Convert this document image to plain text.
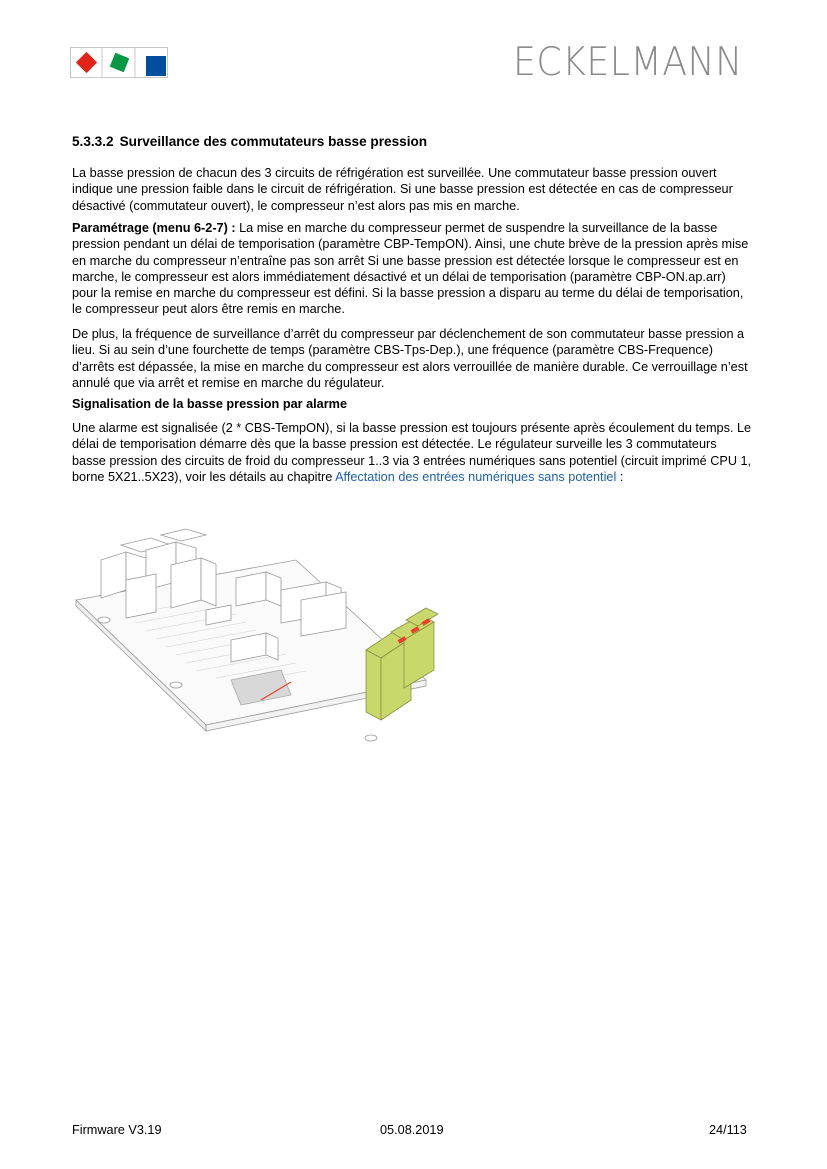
ECKELMANN
5.3.3.2 Surveillance des commutateurs basse pression

La basse pression de chacun des 3 circuits de réfrigération est surveillée. Une commutateur basse pression ouvert indique une pression faible dans le circuit de réfrigération. Si une basse pression est détectée en cas de compresseur désactivé (commutateur ouvert), le compresseur n’est alors pas mis en marche.

Paramétrage (menu 6-2-7) : La mise en marche du compresseur permet de suspendre la surveillance de la basse pression pendant un délai de temporisation (paramètre CBP-TempON). Ainsi, une chute brève de la pression après mise en marche du compresseur n’entraîne pas son arrêt Si une basse pression est détectée lorsque le compresseur est en marche, le compresseur est alors immédiatement désactivé et un délai de temporisation (paramètre CBP-ON.ap.arr) pour la remise en marche du compresseur est défini. Si la basse pression a disparu au terme du délai de temporisation, le compresseur peut alors être remis en marche.

De plus, la fréquence de surveillance d’arrêt du compresseur par déclenchement de son commutateur basse pression a lieu. Si au sein d’une fourchette de temps (paramètre CBS-Tps-Dep.), une fréquence (paramètre CBS-Frequence) d’arrêts est dépassée, la mise en marche du compresseur est alors verrouillée de manière durable. Ce verrouillage n’est annulé que via arrêt et remise en marche du régulateur.

Signalisation de la basse pression par alarme

Une alarme est signalisée (2 * CBS-TempON), si la basse pression est toujours présente après écoulement du temps. Le délai de temporisation démarre dès que la basse pression est détectée. Le régulateur surveille les 3 commutateurs basse pression des circuits de froid du compresseur 1..3 via 3 entrées numériques sans potentiel (circuit imprimé CPU 1, borne 5X21..5X23), voir les détails au chapitre Affectation des entrées numériques sans potentiel :

Firmware V3.19	05.08.2019	24/113
